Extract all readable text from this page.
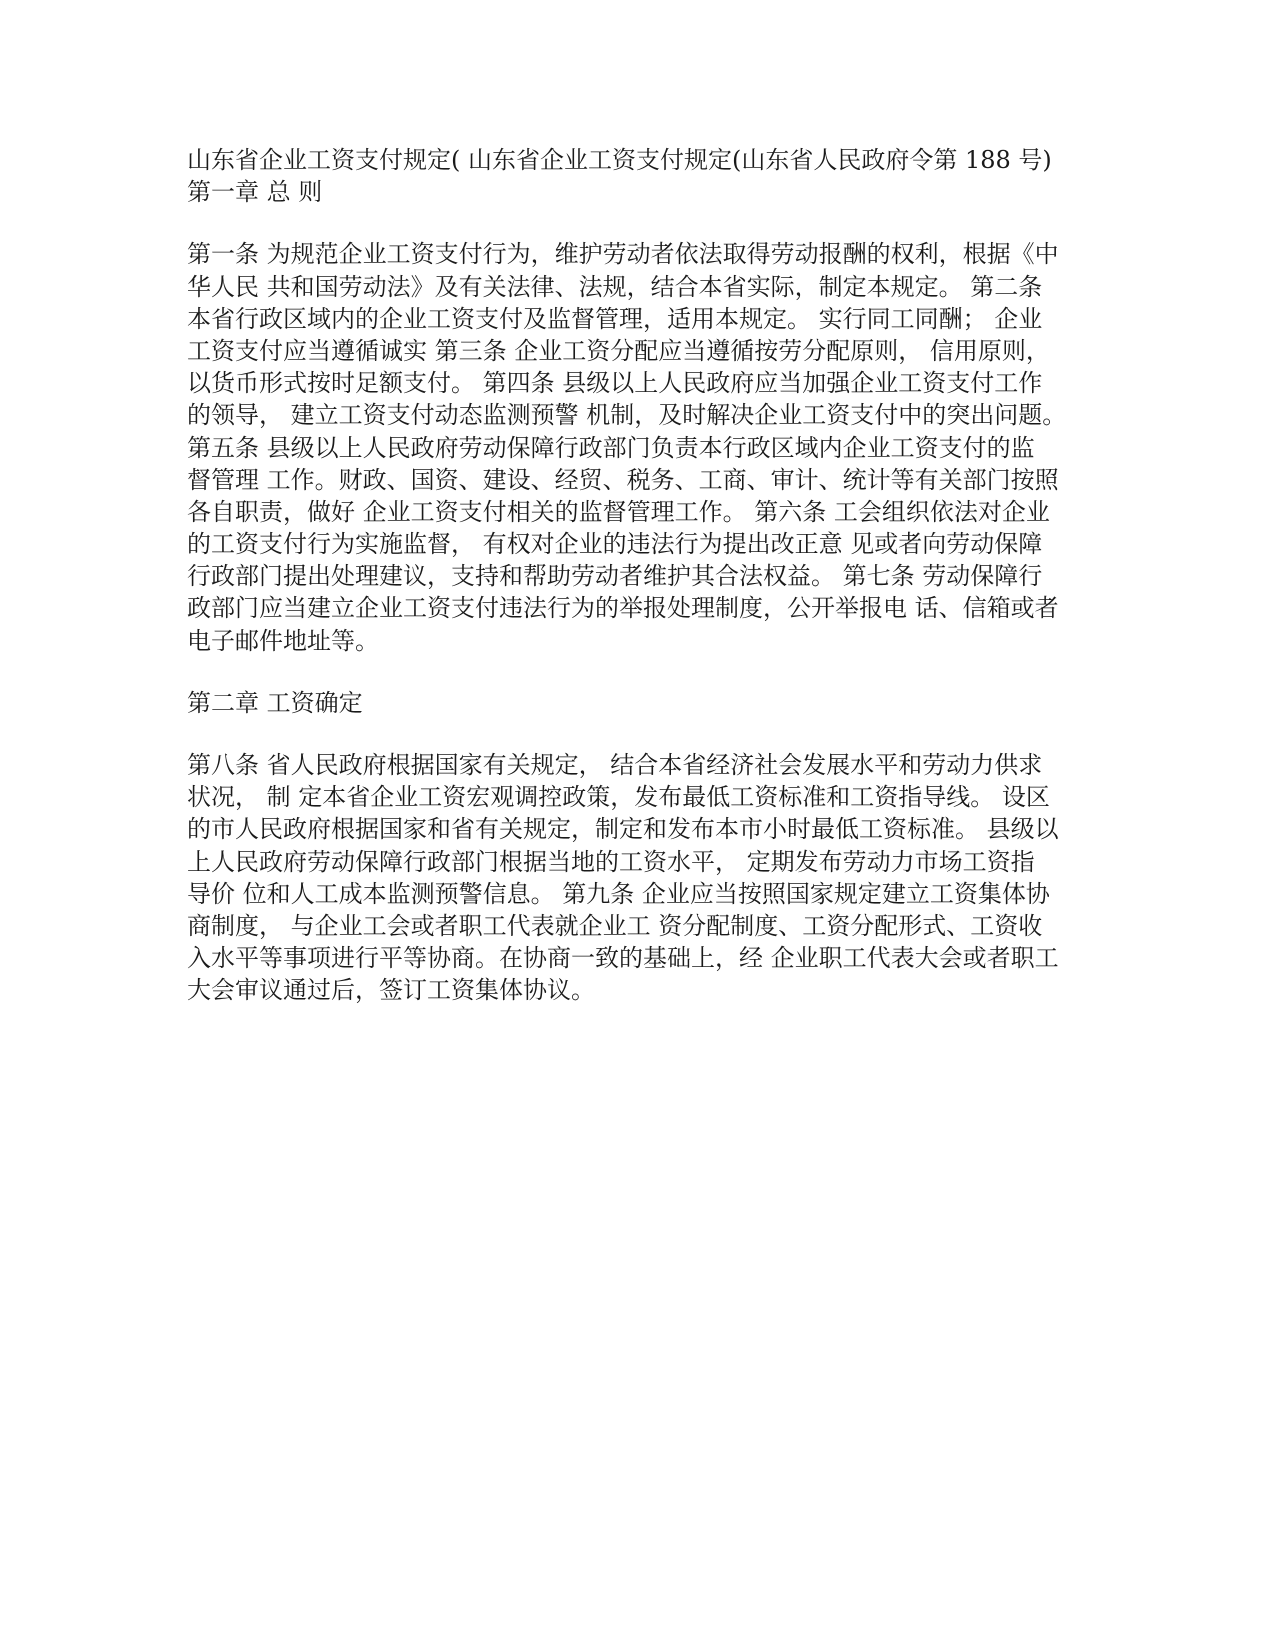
山东省企业工资支付规定( 山东省企业工资支付规定(山东省人民政府令第 188 号)
第一章 总 则
第一条 为规范企业工资支付行为，维护劳动者依法取得劳动报酬的权利，根据《中
华人民 共和国劳动法》及有关法律、法规，结合本省实际，制定本规定。 第二条
本省行政区域内的企业工资支付及监督管理，适用本规定。 实行同工同酬； 企业
工资支付应当遵循诚实 第三条 企业工资分配应当遵循按劳分配原则， 信用原则，
以货币形式按时足额支付。 第四条 县级以上人民政府应当加强企业工资支付工作
的领导， 建立工资支付动态监测预警 机制，及时解决企业工资支付中的突出问题。
第五条 县级以上人民政府劳动保障行政部门负责本行政区域内企业工资支付的监
督管理 工作。财政、国资、建设、经贸、税务、工商、审计、统计等有关部门按照
各自职责，做好 企业工资支付相关的监督管理工作。 第六条 工会组织依法对企业
的工资支付行为实施监督， 有权对企业的违法行为提出改正意 见或者向劳动保障
行政部门提出处理建议，支持和帮助劳动者维护其合法权益。 第七条 劳动保障行
政部门应当建立企业工资支付违法行为的举报处理制度，公开举报电 话、信箱或者
电子邮件地址等。
第二章 工资确定
第八条 省人民政府根据国家有关规定， 结合本省经济社会发展水平和劳动力供求
状况， 制 定本省企业工资宏观调控政策，发布最低工资标准和工资指导线。 设区
的市人民政府根据国家和省有关规定，制定和发布本市小时最低工资标准。 县级以
上人民政府劳动保障行政部门根据当地的工资水平， 定期发布劳动力市场工资指
导价 位和人工成本监测预警信息。 第九条 企业应当按照国家规定建立工资集体协
商制度， 与企业工会或者职工代表就企业工 资分配制度、工资分配形式、工资收
入水平等事项进行平等协商。在协商一致的基础上，经 企业职工代表大会或者职工
大会审议通过后，签订工资集体协议。
